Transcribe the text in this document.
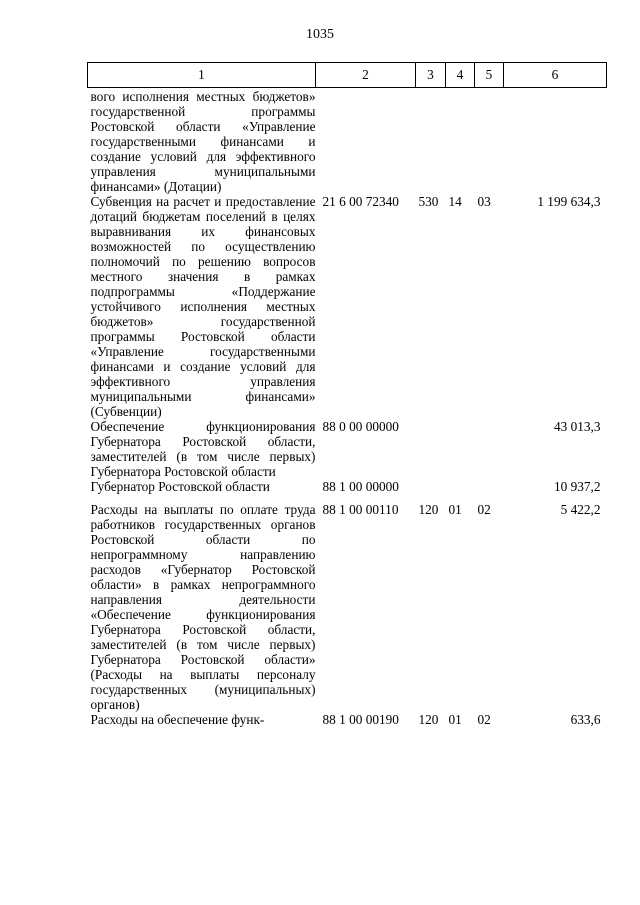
1035
1	2	3	4	5	6
вого исполнения местных бюджетов» государственной программы Ростовской области «Управление государственными финансами и создание условий для эффективного управления муниципальными финансами» (Дотации)					
Субвенция на расчет и предоставление дотаций бюджетам поселений в целях выравнивания их финансовых возможностей по осуществлению полномочий по решению вопросов местного значения в рамках подпрограммы «Поддержание устойчивого исполнения местных бюджетов» государственной программы Ростовской области «Управление государственными финансами и создание условий для эффективного управления муниципальными финансами» (Субвенции)	21 6 00 72340	530	14	03	1 199 634,3
Обеспечение функционирования Губернатора Ростовской области, заместителей (в том числе первых) Губернатора Ростовской области	88 0 00 00000				43 013,3
Губернатор Ростовской области	88 1 00 00000				10 937,2
Расходы на выплаты по оплате труда работников государственных органов Ростовской области по непрограммному направлению расходов «Губернатор Ростовской области» в рамках непрограммного направления деятельности «Обеспечение функционирования Губернатора Ростовской области, заместителей (в том числе первых) Губернатора Ростовской области» (Расходы на выплаты персоналу государственных (муниципальных) органов)	88 1 00 00110	120	01	02	5 422,2
Расходы на обеспечение функ-	88 1 00 00190	120	01	02	633,6
